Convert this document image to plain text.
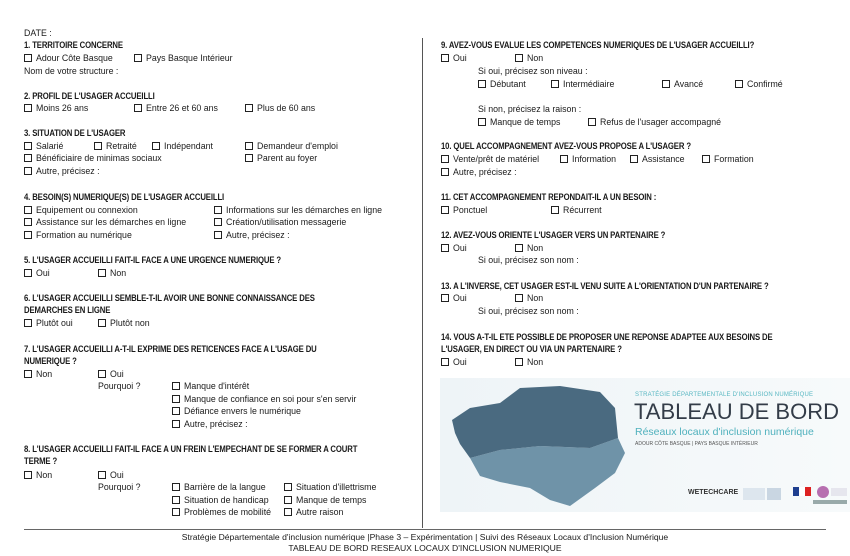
DATE :
1. TERRITOIRE CONCERNE
Adour Côte Basque	Pays Basque Intérieur
Nom de votre structure :
2. PROFIL DE L'USAGER ACCUEILLI
Moins 26 ans	Entre 26 et 60 ans	Plus de 60 ans
3. SITUATION DE L'USAGER
Salarié	Retraité	Indépendant	Demandeur d'emploi
Bénéficiaire de minimas sociaux	Parent au foyer
Autre, précisez :
4. BESOIN(S) NUMERIQUE(S) DE L'USAGER ACCUEILLI
Equipement ou connexion	Informations sur les démarches en ligne
Assistance sur les démarches en ligne	Création/utilisation messagerie
Formation au numérique	Autre, précisez :
5. L'USAGER ACCUEILLI FAIT-IL FACE A UNE URGENCE NUMERIQUE ?
Oui	Non
6. L'USAGER ACCUEILLI SEMBLE-T-IL AVOIR UNE BONNE CONNAISSANCE DES
DEMARCHES EN LIGNE
Plutôt oui	Plutôt non
7. L'USAGER ACCUEILLI A-T-IL EXPRIME DES RETICENCES FACE A L'USAGE DU
NUMERIQUE ?
Non	Oui
Pourquoi ?	Manque d'intérêt
Manque de confiance en soi pour s'en servir
Défiance envers le numérique
Autre, précisez :
8. L'USAGER ACCUEILLI FAIT-IL FACE A UN FREIN L'EMPECHANT DE SE FORMER A COURT
TERME ?
Non	Oui
Pourquoi ?	Barrière de la langue	Situation d'illettrisme
Situation de handicap	Manque de temps
Problèmes de mobilité	Autre raison
9. AVEZ-VOUS EVALUE LES COMPETENCES NUMERIQUES DE L'USAGER ACCUEILLI?
Oui	Non
Si oui, précisez son niveau :
Débutant	Intermédiaire	Avancé	Confirmé
Si non, précisez la raison :
Manque de temps	Refus de l'usager accompagné
10. QUEL ACCOMPAGNEMENT AVEZ-VOUS PROPOSE A L'USAGER ?
Vente/prêt de matériel	Information	Assistance	Formation
Autre, précisez :
11. CET ACCOMPAGNEMENT REPONDAIT-IL A UN BESOIN :
Ponctuel	Récurrent
12. AVEZ-VOUS ORIENTE L'USAGER VERS UN PARTENAIRE ?
Oui	Non
Si oui, précisez son nom :
13. A L'INVERSE, CET USAGER EST-IL VENU SUITE A L'ORIENTATION D'UN PARTENAIRE ?
Oui	Non
Si oui, précisez son nom :
14. VOUS A-T-IL ETE POSSIBLE DE PROPOSER UNE REPONSE ADAPTEE AUX BESOINS DE
L'USAGER, EN DIRECT OU VIA UN PARTENAIRE ?
Oui	Non
STRATÉGIE DÉPARTEMENTALE D'INCLUSION NUMÉRIQUE
TABLEAU DE BORD
Réseaux locaux d'inclusion numérique
ADOUR CÔTE BASQUE | PAYS BASQUE INTÉRIEUR
WETECHCARE
Stratégie Départementale d'inclusion numérique |Phase 3 – Expérimentation | Suivi des Réseaux Locaux d'Inclusion Numérique
TABLEAU DE BORD RESEAUX LOCAUX D'INCLUSION NUMERIQUE
